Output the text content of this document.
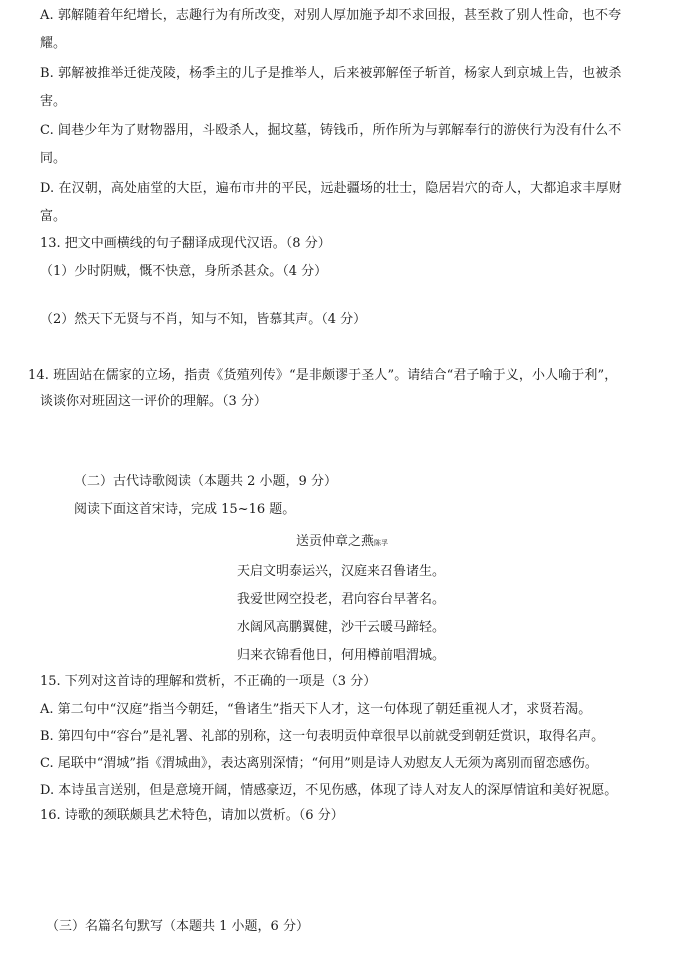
A. 郭解随着年纪增长，志趣行为有所改变，对别人厚加施予却不求回报，甚至救了别人性命，也不夸
耀。
B. 郭解被推举迁徙茂陵，杨季主的儿子是推举人，后来被郭解侄子斩首，杨家人到京城上告，也被杀
害。
C. 闾巷少年为了财物器用，斗殴杀人，掘坟墓，铸钱币，所作所为与郭解奉行的游侠行为没有什么不
同。
D. 在汉朝，高处庙堂的大臣，遍布市井的平民，远赴疆场的壮士，隐居岩穴的奇人，大都追求丰厚财
富。
13. 把文中画横线的句子翻译成现代汉语。（8 分）
（1）少时阴贼，慨不快意，身所杀甚众。（4 分）
（2）然天下无贤与不肖，知与不知，皆慕其声。（4 分）
14. 班固站在儒家的立场，指责《货殖列传》“是非颇谬于圣人”。请结合“君子喻于义，小人喻于利”，
谈谈你对班固这一评价的理解。（3 分）
（二）古代诗歌阅读（本题共 2 小题，9 分）
阅读下面这首宋诗，完成 15~16 题。
送贡仲章之燕陈孚
天启文明泰运兴，汉庭来召鲁诸生。
我爱世网空投老，君向容台早著名。
水阔风高鹏翼健，沙干云暖马蹄轻。
归来衣锦看他日，何用樽前唱渭城。
15. 下列对这首诗的理解和赏析，不正确的一项是（3 分）
A. 第二句中“汉庭”指当今朝廷，“鲁诸生”指天下人才，这一句体现了朝廷重视人才，求贤若渴。
B. 第四句中“容台”是礼署、礼部的别称，这一句表明贡仲章很早以前就受到朝廷赏识，取得名声。
C. 尾联中“渭城”指《渭城曲》，表达离别深情；“何用”则是诗人劝慰友人无须为离别而留恋感伤。
D. 本诗虽言送别，但是意境开阔，情感豪迈，不见伤感，体现了诗人对友人的深厚情谊和美好祝愿。
16. 诗歌的颈联颇具艺术特色，请加以赏析。（6 分）
（三）名篇名句默写（本题共 1 小题，6 分）
